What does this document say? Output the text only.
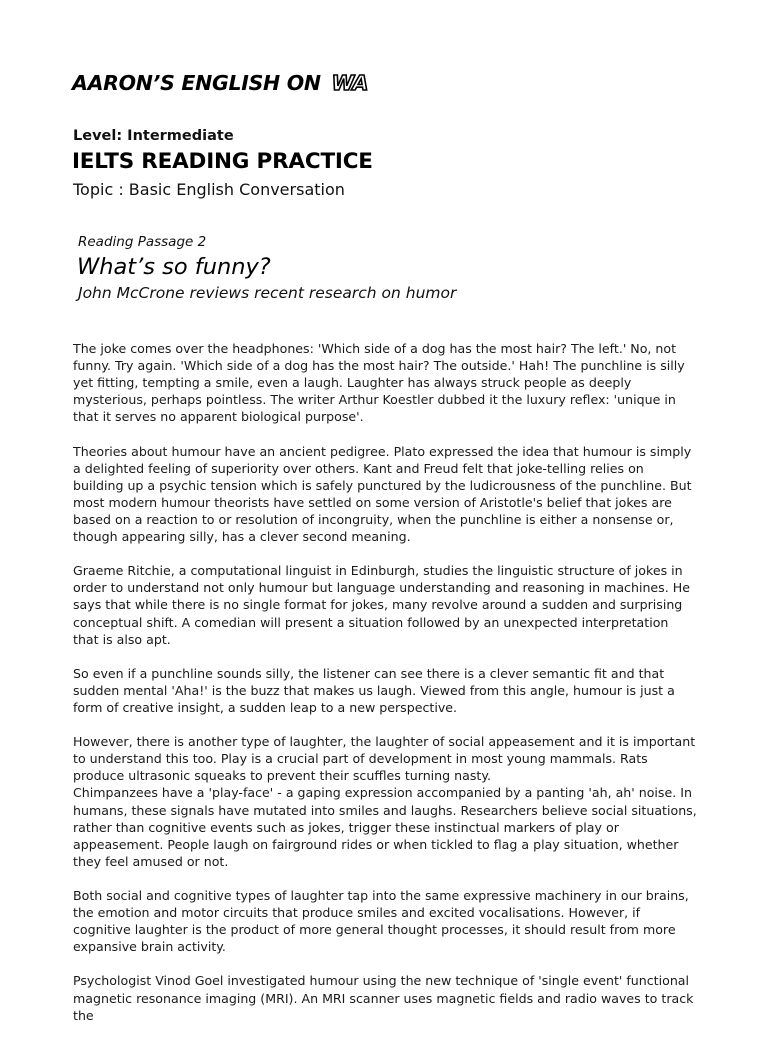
AARON’S ENGLISH ON WA
Level: Intermediate
IELTS READING PRACTICE
Topic : Basic English Conversation
Reading Passage 2
What’s so funny?
John McCrone reviews recent research on humor

The joke comes over the headphones: 'Which side of a dog has the most hair? The left.' No, not funny. Try again. 'Which side of a dog has the most hair? The outside.' Hah! The punchline is silly yet fitting, tempting a smile, even a laugh. Laughter has always struck people as deeply mysterious, perhaps pointless. The writer Arthur Koestler dubbed it the luxury reflex: 'unique in that it serves no apparent biological purpose'.

Theories about humour have an ancient pedigree. Plato expressed the idea that humour is simply a delighted feeling of superiority over others. Kant and Freud felt that joke-telling relies on building up a psychic tension which is safely punctured by the ludicrousness of the punchline. But most modern humour theorists have settled on some version of Aristotle's belief that jokes are based on a reaction to or resolution of incongruity, when the punchline is either a nonsense or, though appearing silly, has a clever second meaning.

Graeme Ritchie, a computational linguist in Edinburgh, studies the linguistic structure of jokes in order to understand not only humour but language understanding and reasoning in machines. He says that while there is no single format for jokes, many revolve around a sudden and surprising conceptual shift. A comedian will present a situation followed by an unexpected interpretation that is also apt.

So even if a punchline sounds silly, the listener can see there is a clever semantic fit and that sudden mental 'Aha!' is the buzz that makes us laugh. Viewed from this angle, humour is just a form of creative insight, a sudden leap to a new perspective.

However, there is another type of laughter, the laughter of social appeasement and it is important to understand this too. Play is a crucial part of development in most young mammals. Rats produce ultrasonic squeaks to prevent their scuffles turning nasty.

Chimpanzees have a 'play-face' - a gaping expression accompanied by a panting 'ah, ah' noise. In humans, these signals have mutated into smiles and laughs. Researchers believe social situations, rather than cognitive events such as jokes, trigger these instinctual markers of play or appeasement. People laugh on fairground rides or when tickled to flag a play situation, whether they feel amused or not.

Both social and cognitive types of laughter tap into the same expressive machinery in our brains, the emotion and motor circuits that produce smiles and excited vocalisations. However, if cognitive laughter is the product of more general thought processes, it should result from more expansive brain activity.

Psychologist Vinod Goel investigated humour using the new technique of 'single event' functional magnetic resonance imaging (MRI). An MRI scanner uses magnetic fields and radio waves to track the
